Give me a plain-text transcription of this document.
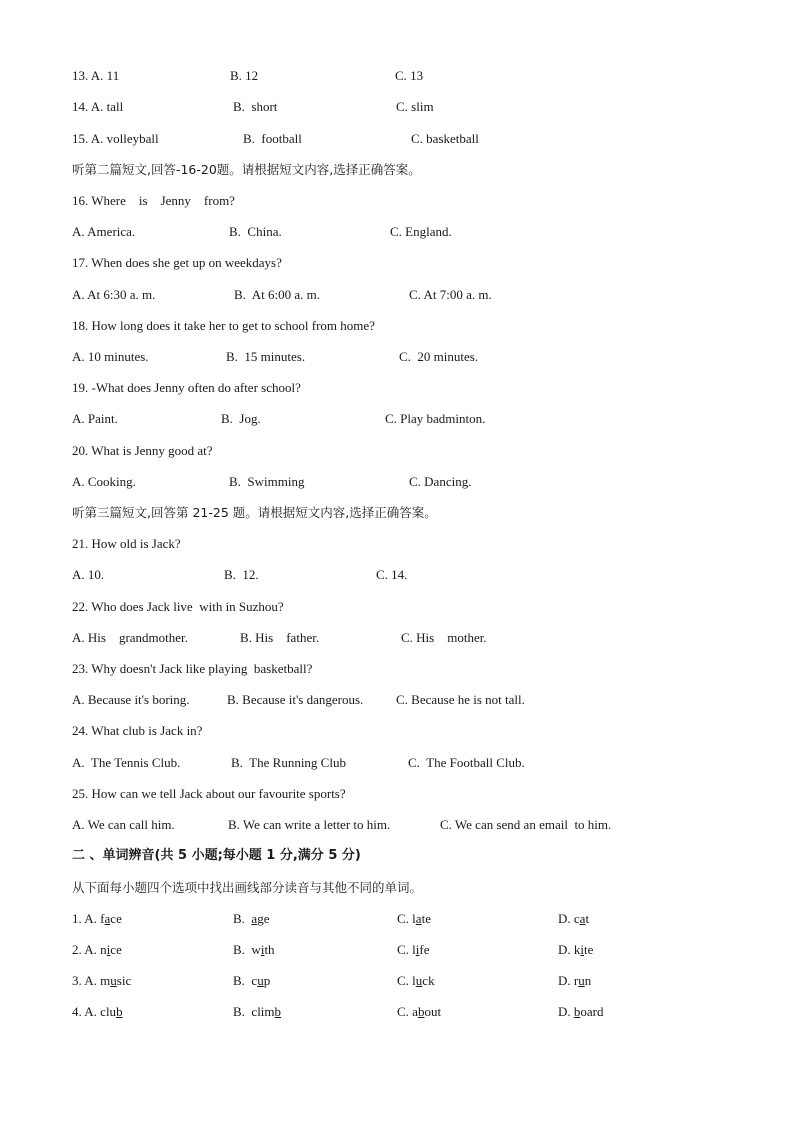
13. A. 11

	B. 12

	C. 13

14. A. tall

	B.  short

	C. slim

15. A. volleyball

	B.  football

	C. basketball

听第二篇短文,回答-16-20题。请根据短文内容,选择正确答案。
16. Where    is    Jenny    from?

A. America.

	B.  China.

	C. England.

17. When does she get up on weekdays?

A. At 6:30 a. m.

	B.  At 6:00 a. m.

	C. At 7:00 a. m.

18. How long does it take her to get to school from home?

A. 10 minutes.

	B.  15 minutes.

	C.  20 minutes.

19. -What does Jenny often do after school?

A. Paint.

	B.  Jog.

	C. Play badminton.

20. What is Jenny good at?

A. Cooking.

	B.  Swimming

	C. Dancing.

听第三篇短文,回答第 21-25 题。请根据短文内容,选择正确答案。
21. How old is Jack?

A. 10.

	B.  12.

	C. 14.

22. Who does Jack live  with in Suzhou?

A. His    grandmother.

	B. His    father.

	C. His    mother.

23. Why doesn't Jack like playing  basketball?

A. Because it's boring.

	B. Because it's dangerous.

	C. Because he is not tall.

24. What club is Jack in?

A.  The Tennis Club.

	B.  The Running Club

	C.  The Football Club.

25. How can we tell Jack about our favourite sports?

A. We can call him.

	B. We can write a letter to him.

	C. We can send an email  to him.

二 、单词辨音(共 5 小题;每小题 1 分,满分 5 分)
从下面每小题四个选项中找出画线部分读音与其他不同的单词。

1. A. face

	B. age

	C. late

	D. cat

2. A. nice

	B. with

	C. life

	D. kite

3. A. music

	B. cup

	C. luck

	D. run

4. A. club

	B. climb

	C. about

	D. board
